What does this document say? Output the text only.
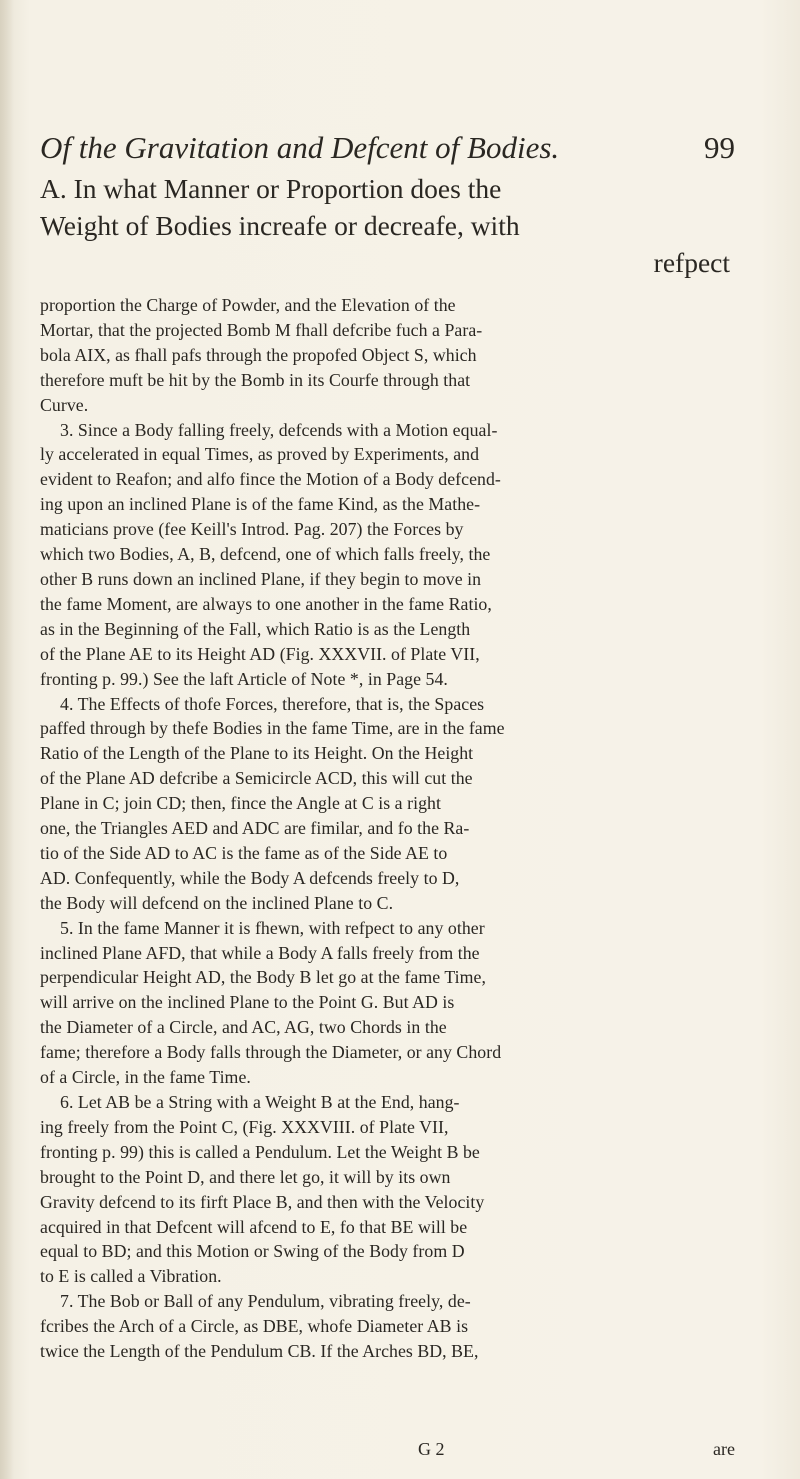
Of the Gravitation and Defcent of Bodies.	99
A. In what Manner or Proportion does the
Weight of Bodies increafe or decreafe, with
refpect
proportion the Charge of Powder, and the Elevation of the
Mortar, that the projected Bomb M fhall defcribe fuch a Para-
bola AIX, as fhall pafs through the propofed Object S, which
therefore muft be hit by the Bomb in its Courfe through that
Curve.
3. Since a Body falling freely, defcends with a Motion equal-
ly accelerated in equal Times, as proved by Experiments, and
evident to Reafon; and alfo fince the Motion of a Body defcend-
ing upon an inclined Plane is of the fame Kind, as the Mathe-
maticians prove (fee Keill's Introd. Pag. 207) the Forces by
which two Bodies, A, B, defcend, one of which falls freely, the
other B runs down an inclined Plane, if they begin to move in
the fame Moment, are always to one another in the fame Ratio,
as in the Beginning of the Fall, which Ratio is as the Length
of the Plane AE to its Height AD (Fig. XXXVII. of Plate VII,
fronting p. 99.) See the laft Article of Note *, in Page 54.
4. The Effects of thofe Forces, therefore, that is, the Spaces
paffed through by thefe Bodies in the fame Time, are in the fame
Ratio of the Length of the Plane to its Height. On the Height
of the Plane AD defcribe a Semicircle ACD, this will cut the
Plane in C; join CD; then, fince the Angle at C is a right
one, the Triangles AED and ADC are fimilar, and fo the Ra-
tio of the Side AD to AC is the fame as of the Side AE to
AD. Confequently, while the Body A defcends freely to D,
the Body will defcend on the inclined Plane to C.
5. In the fame Manner it is fhewn, with refpect to any other
inclined Plane AFD, that while a Body A falls freely from the
perpendicular Height AD, the Body B let go at the fame Time,
will arrive on the inclined Plane to the Point G. But AD is
the Diameter of a Circle, and AC, AG, two Chords in the
fame; therefore a Body falls through the Diameter, or any Chord
of a Circle, in the fame Time.
6. Let AB be a String with a Weight B at the End, hang-
ing freely from the Point C, (Fig. XXXVIII. of Plate VII,
fronting p. 99) this is called a Pendulum. Let the Weight B be
brought to the Point D, and there let go, it will by its own
Gravity defcend to its firft Place B, and then with the Velocity
acquired in that Defcent will afcend to E, fo that BE will be
equal to BD; and this Motion or Swing of the Body from D
to E is called a Vibration.
7. The Bob or Ball of any Pendulum, vibrating freely, de-
fcribes the Arch of a Circle, as DBE, whofe Diameter AB is
twice the Length of the Pendulum CB. If the Arches BD, BE,
G 2	are
